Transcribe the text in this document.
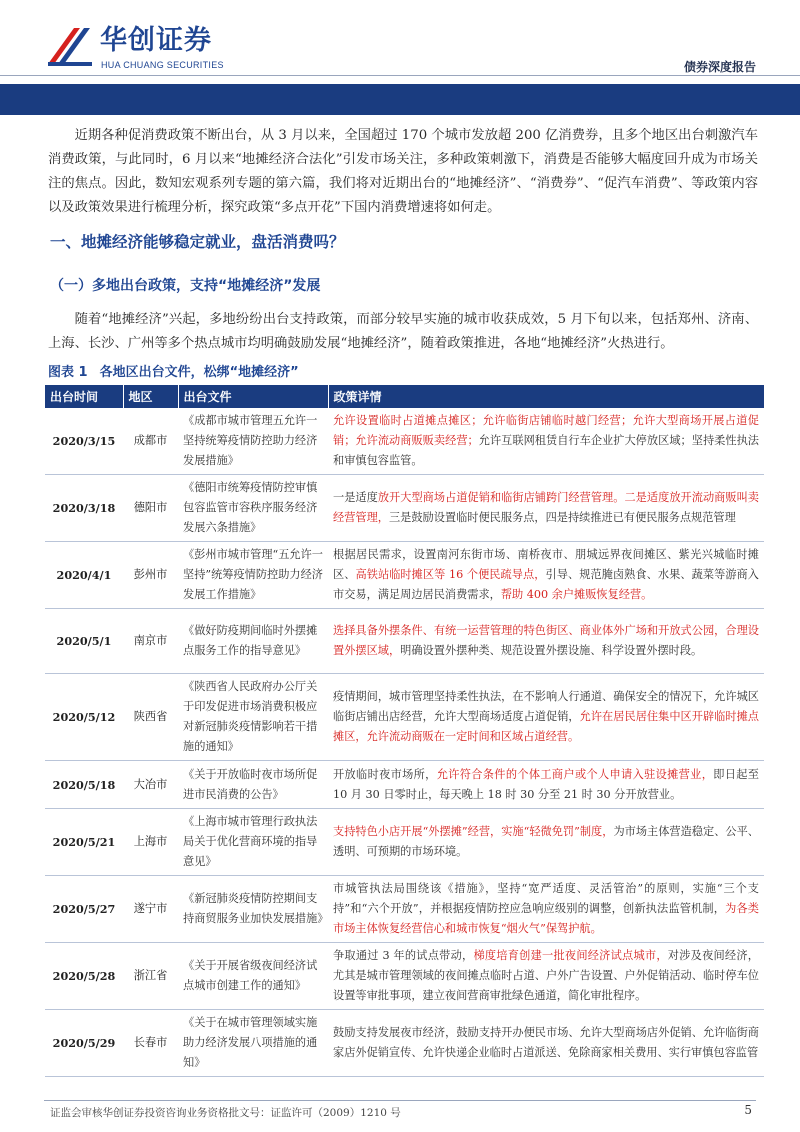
华创证券
HUA CHUANG SECURITIES	债券深度报告

近期各种促消费政策不断出台，从 3 月以来，全国超过 170 个城市发放超 200 亿消费券，且多个地区出台刺激汽车消费政策，与此同时，6 月以来“地摊经济合法化”引发市场关注，多种政策刺激下，消费是否能够大幅度回升成为市场关注的焦点。因此，数知宏观系列专题的第六篇，我们将对近期出台的“地摊经济”、“消费券”、“促汽车消费”、等政策内容以及政策效果进行梳理分析，探究政策“多点开花”下国内消费增速将如何走。

一、地摊经济能够稳定就业，盘活消费吗？
（一）多地出台政策，支持“地摊经济”发展

随着“地摊经济”兴起，多地纷纷出台支持政策，而部分较早实施的城市收获成效，5 月下旬以来，包括郑州、济南、上海、长沙、广州等多个热点城市均明确鼓励发展“地摊经济”，随着政策推进，各地“地摊经济”火热进行。

图表 1 各地区出台文件，松绑“地摊经济”
出台时间	地区	出台文件	政策详情
2020/3/15	成都市	《成都市城市管理五允许一坚持统筹疫情防控助力经济发展措施》	允许设置临时占道摊点摊区；允许临街店铺临时越门经营；允许大型商场开展占道促销；允许流动商贩贩卖经营；允许互联网租赁自行车企业扩大停放区域；坚持柔性执法和审慎包容监管。
2020/3/18	德阳市	《德阳市统筹疫情防控审慎包容监管市容秩序服务经济发展六条措施》	一是适度放开大型商场占道促销和临街店铺跨门经营管理。二是适度放开流动商贩叫卖经营管理，三是鼓励设置临时便民服务点，四是持续推进已有便民服务点规范管理
2020/4/1	彭州市	《彭州市城市管理“五允许一坚持”统筹疫情防控助力经济发展工作措施》	根据居民需求，设置南河东街市场、南桥夜市、朋城远界夜间摊区、紫光兴城临时摊区、高铁站临时摊区等 16 个便民疏导点，引导、规范腌卤熟食、水果、蔬菜等游商入市交易，满足周边居民消费需求，帮助 400 余户摊贩恢复经营。
2020/5/1	南京市	《做好防疫期间临时外摆摊点服务工作的指导意见》	选择具备外摆条件、有统一运营管理的特色街区、商业体外广场和开放式公园，合理设置外摆区域，明确设置外摆种类、规范设置外摆设施、科学设置外摆时段。
2020/5/12	陕西省	《陕西省人民政府办公厅关于印发促进市场消费积极应对新冠肺炎疫情影响若干措施的通知》	疫情期间，城市管理坚持柔性执法，在不影响人行通道、确保安全的情况下，允许城区临街店铺出店经营，允许大型商场适度占道促销，允许在居民居住集中区开辟临时摊点摊区，允许流动商贩在一定时间和区域占道经营。
2020/5/18	大冶市	《关于开放临时夜市场所促进市民消费的公告》	开放临时夜市场所，允许符合条件的个体工商户或个人申请入驻设摊营业，即日起至 10 月 30 日零时止，每天晚上 18 时 30 分至 21 时 30 分开放营业。
2020/5/21	上海市	《上海市城市管理行政执法局关于优化营商环境的指导意见》	支持特色小店开展“外摆摊”经营，实施“轻微免罚”制度，为市场主体营造稳定、公平、透明、可预期的市场环境。
2020/5/27	遂宁市	《新冠肺炎疫情防控期间支持商贸服务业加快发展措施》	市城管执法局围绕该《措施》，坚持“宽严适度、灵活管治”的原则，实施“三个支持”和“六个开放”，并根据疫情防控应急响应级别的调整，创新执法监管机制，为各类市场主体恢复经营信心和城市恢复“烟火气”保驾护航。
2020/5/28	浙江省	《关于开展省级夜间经济试点城市创建工作的通知》	争取通过 3 年的试点带动，梯度培育创建一批夜间经济试点城市，对涉及夜间经济，尤其是城市管理领域的夜间摊点临时占道、户外广告设置、户外促销活动、临时停车位设置等审批事项，建立夜间营商审批绿色通道，简化审批程序。
2020/5/29	长春市	《关于在城市管理领域实施助力经济发展八项措施的通知》	鼓励支持发展夜市经济，鼓励支持开办便民市场、允许大型商场店外促销、允许临街商家店外促销宣传、允许快递企业临时占道派送、免除商家相关费用、实行审慎包容监管
证监会审核华创证券投资咨询业务资格批文号：证监许可（2009）1210 号	5
